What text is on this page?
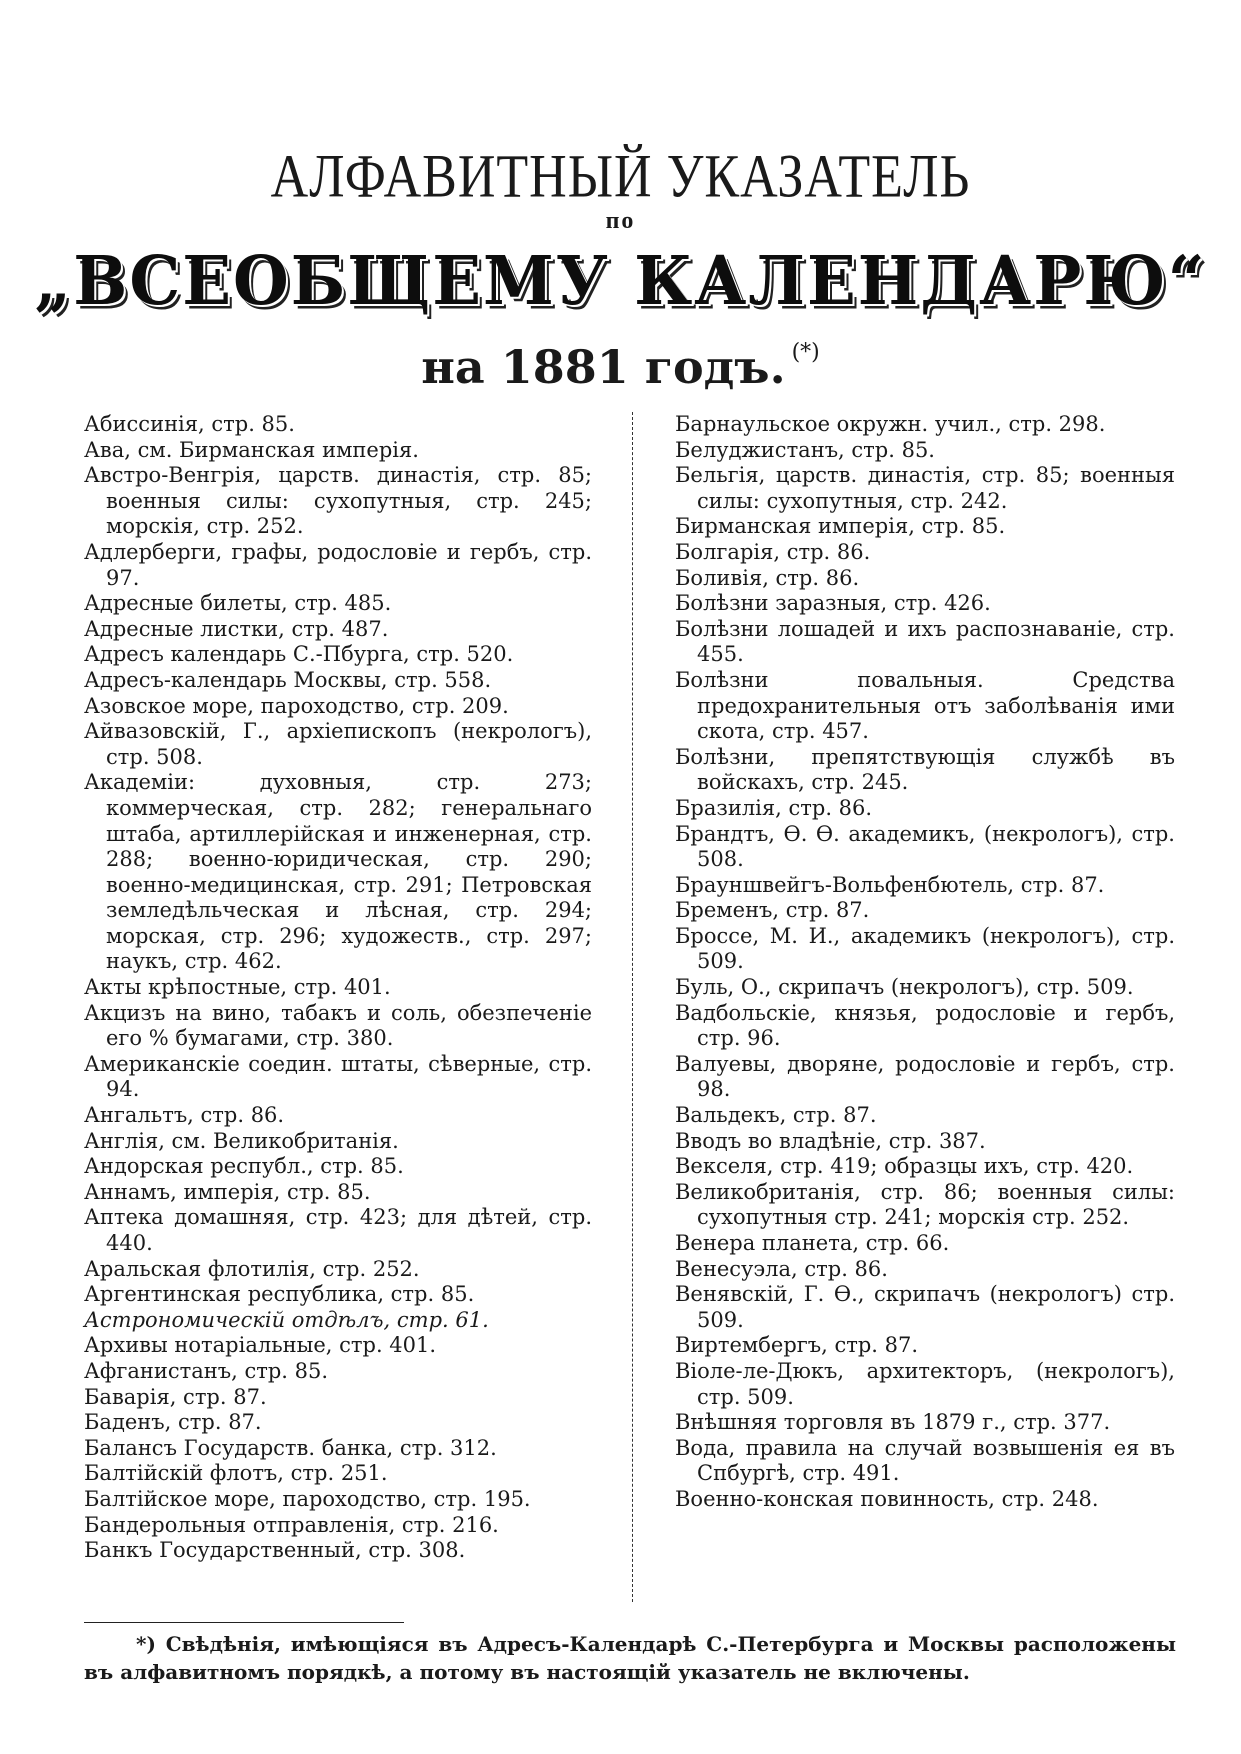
АЛФАВИТНЫЙ УКАЗАТЕЛЬ
по
„ВСЕОБЩЕМУ КАЛЕНДАРЮ“
на 1881 годъ. (*)

Абиссинія, стр. 85.

Ава, см. Бирманская имперія.

Австро-Венгрія, царств. династія, стр. 85; военныя силы: сухопутныя, стр. 245; морскія, стр. 252.

Адлерберги, графы, родословіе и гербъ, стр. 97.

Адресные билеты, стр. 485.

Адресные листки, стр. 487.

Адресъ календарь С.-Пбурга, стр. 520.

Адресъ-календарь Москвы, стр. 558.

Азовское море, пароходство, стр. 209.

Айвазовскій, Г., архіепископъ (некрологъ), стр. 508.

Академіи: духовныя, стр. 273; коммерческая, стр. 282; генеральнаго штаба, артиллерійская и инженерная, стр. 288; военно-юридическая, стр. 290; военно-медицинская, стр. 291; Петровская земледѣльческая и лѣсная, стр. 294; морская, стр. 296; художеств., стр. 297; наукъ, стр. 462.

Акты крѣпостные, стр. 401.

Акцизъ на вино, табакъ и соль, обезпеченіе его % бумагами, стр. 380.

Американскіе соедин. штаты, сѣверные, стр. 94.

Ангальтъ, стр. 86.

Англія, см. Великобританія.

Андорская республ., стр. 85.

Аннамъ, имперія, стр. 85.

Аптека домашняя, стр. 423; для дѣтей, стр. 440.

Аральская флотилія, стр. 252.

Аргентинская республика, стр. 85.

Астрономическій отдѣлъ, стр. 61.

Архивы нотаріальные, стр. 401.

Афганистанъ, стр. 85.

Баварія, стр. 87.

Баденъ, стр. 87.

Балансъ Государств. банка, стр. 312.

Балтійскій флотъ, стр. 251.

Балтійское море, пароходство, стр. 195.

Бандерольныя отправленія, стр. 216.

Банкъ Государственный, стр. 308.

Барнаульское окружн. учил., стр. 298.

Белуджистанъ, стр. 85.

Бельгія, царств. династія, стр. 85; военныя силы: сухопутныя, стр. 242.

Бирманская имперія, стр. 85.

Болгарія, стр. 86.

Боливія, стр. 86.

Болѣзни заразныя, стр. 426.

Болѣзни лошадей и ихъ распознаваніе, стр. 455.

Болѣзни повальныя. Средства предохранительныя отъ заболѣванія ими скота, стр. 457.

Болѣзни, препятствующія службѣ въ войскахъ, стр. 245.

Бразилія, стр. 86.

Брандтъ, Ѳ. Ѳ. академикъ, (некрологъ), стр. 508.

Брауншвейгъ-Вольфенбютель, стр. 87.

Бременъ, стр. 87.

Броссе, М. И., академикъ (некрологъ), стр. 509.

Буль, О., скрипачъ (некрологъ), стр. 509.

Вадбольскіе, князья, родословіе и гербъ, стр. 96.

Валуевы, дворяне, родословіе и гербъ, стр. 98.

Вальдекъ, стр. 87.

Вводъ во владѣніе, стр. 387.

Векселя, стр. 419; образцы ихъ, стр. 420.

Великобританія, стр. 86; военныя силы: сухопутныя стр. 241; морскія стр. 252.

Венера планета, стр. 66.

Венесуэла, стр. 86.

Венявскій, Г. Ѳ., скрипачъ (некрологъ) стр. 509.

Виртембергъ, стр. 87.

Віоле-ле-Дюкъ, архитекторъ, (некрологъ), стр. 509.

Внѣшняя торговля въ 1879 г., стр. 377.

Вода, правила на случай возвышенія ея въ Спбургѣ, стр. 491.

Военно-конская повинность, стр. 248.

*) Свѣдѣнія, имѣющіяся въ Адресъ-Календарѣ С.-Петербурга и Москвы расположены въ алфавитномъ порядкѣ, а потому въ настоящій указатель не включены.
